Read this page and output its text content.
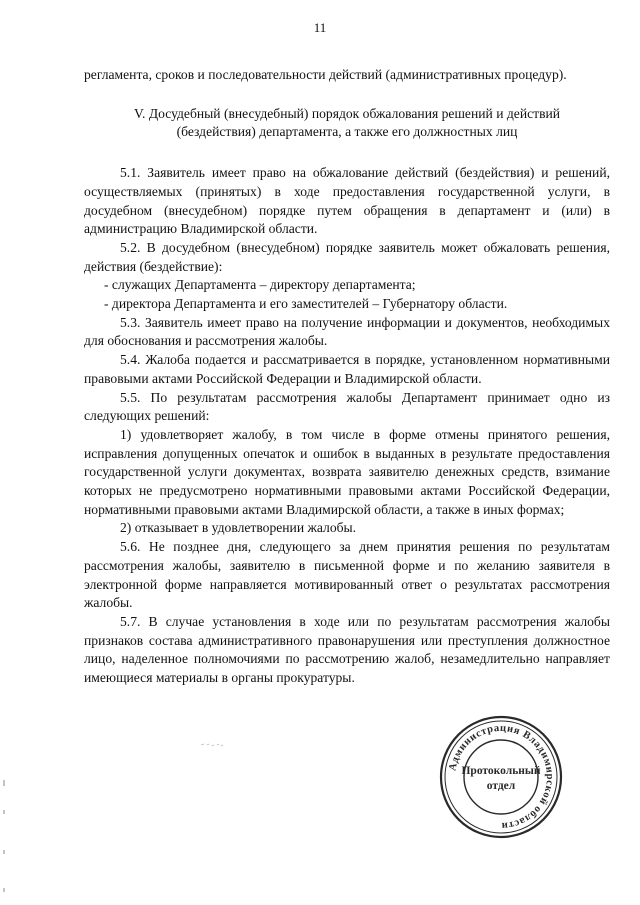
11

регламента, сроков и последовательности действий (административных процедур).

V. Досудебный (внесудебный) порядок обжалования решений и действий (бездействия) департамента, а также его должностных лиц

5.1. Заявитель имеет право на обжалование действий (бездействия) и решений, осуществляемых (принятых) в ходе предоставления государственной услуги, в досудебном (внесудебном) порядке путем обращения в департамент и (или) в администрацию Владимирской области.

5.2. В досудебном (внесудебном) порядке заявитель может обжаловать решения, действия (бездействие):

- служащих Департамента – директору департамента;

- директора Департамента и его заместителей – Губернатору области.

5.3. Заявитель имеет право на получение информации и документов, необходимых для обоснования и рассмотрения жалобы.

5.4. Жалоба подается и рассматривается в порядке, установленном нормативными правовыми актами Российской Федерации и Владимирской области.

5.5. По результатам рассмотрения жалобы Департамент принимает одно из следующих решений:

1) удовлетворяет жалобу, в том числе в форме отмены принятого решения, исправления допущенных опечаток и ошибок в выданных в результате предоставления государственной услуги документах, возврата заявителю денежных средств, взимание которых не предусмотрено нормативными правовыми актами Российской Федерации, нормативными правовыми актами Владимирской области, а также в иных формах;

2) отказывает в удовлетворении жалобы.

5.6. Не позднее дня, следующего за днем принятия решения по результатам рассмотрения жалобы, заявителю в письменной форме и по желанию заявителя в электронной форме направляется мотивированный ответ о результатах рассмотрения жалобы.

5.7. В случае установления в ходе или по результатам рассмотрения жалобы признаков состава административного правонарушения или преступления должностное лицо, наделенное полномочиями по рассмотрению жалоб, незамедлительно направляет имеющиеся материалы в органы прокуратуры.

Администрация Владимирской области
Протокольный
отдел
